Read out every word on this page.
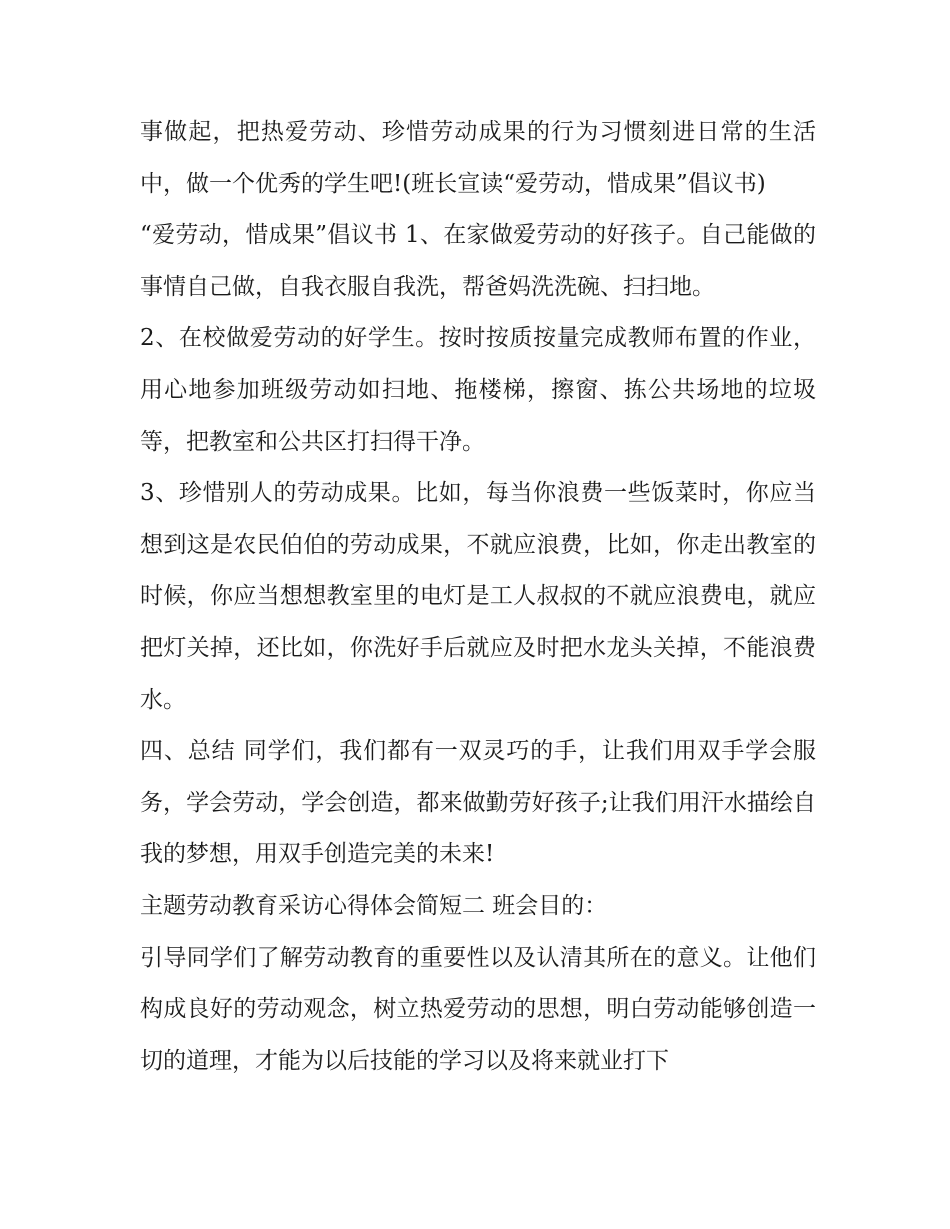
事做起，把热爱劳动、珍惜劳动成果的行为习惯刻进日常的生活中，做一个优秀的学生吧!(班长宣读“爱劳动，惜成果”倡议书)

“爱劳动，惜成果”倡议书 1、在家做爱劳动的好孩子。自己能做的事情自己做，自我衣服自我洗，帮爸妈洗洗碗、扫扫地。

2、在校做爱劳动的好学生。按时按质按量完成教师布置的作业，用心地参加班级劳动如扫地、拖楼梯，擦窗、拣公共场地的垃圾等，把教室和公共区打扫得干净。

3、珍惜别人的劳动成果。比如，每当你浪费一些饭菜时，你应当想到这是农民伯伯的劳动成果，不就应浪费，比如，你走出教室的时候，你应当想想教室里的电灯是工人叔叔的不就应浪费电，就应把灯关掉，还比如，你洗好手后就应及时把水龙头关掉，不能浪费水。

四、总结 同学们，我们都有一双灵巧的手，让我们用双手学会服务，学会劳动，学会创造，都来做勤劳好孩子;让我们用汗水描绘自我的梦想，用双手创造完美的未来!

主题劳动教育采访心得体会简短二 班会目的：

引导同学们了解劳动教育的重要性以及认清其所在的意义。让他们构成良好的劳动观念，树立热爱劳动的思想，明白劳动能够创造一切的道理，才能为以后技能的学习以及将来就业打下
